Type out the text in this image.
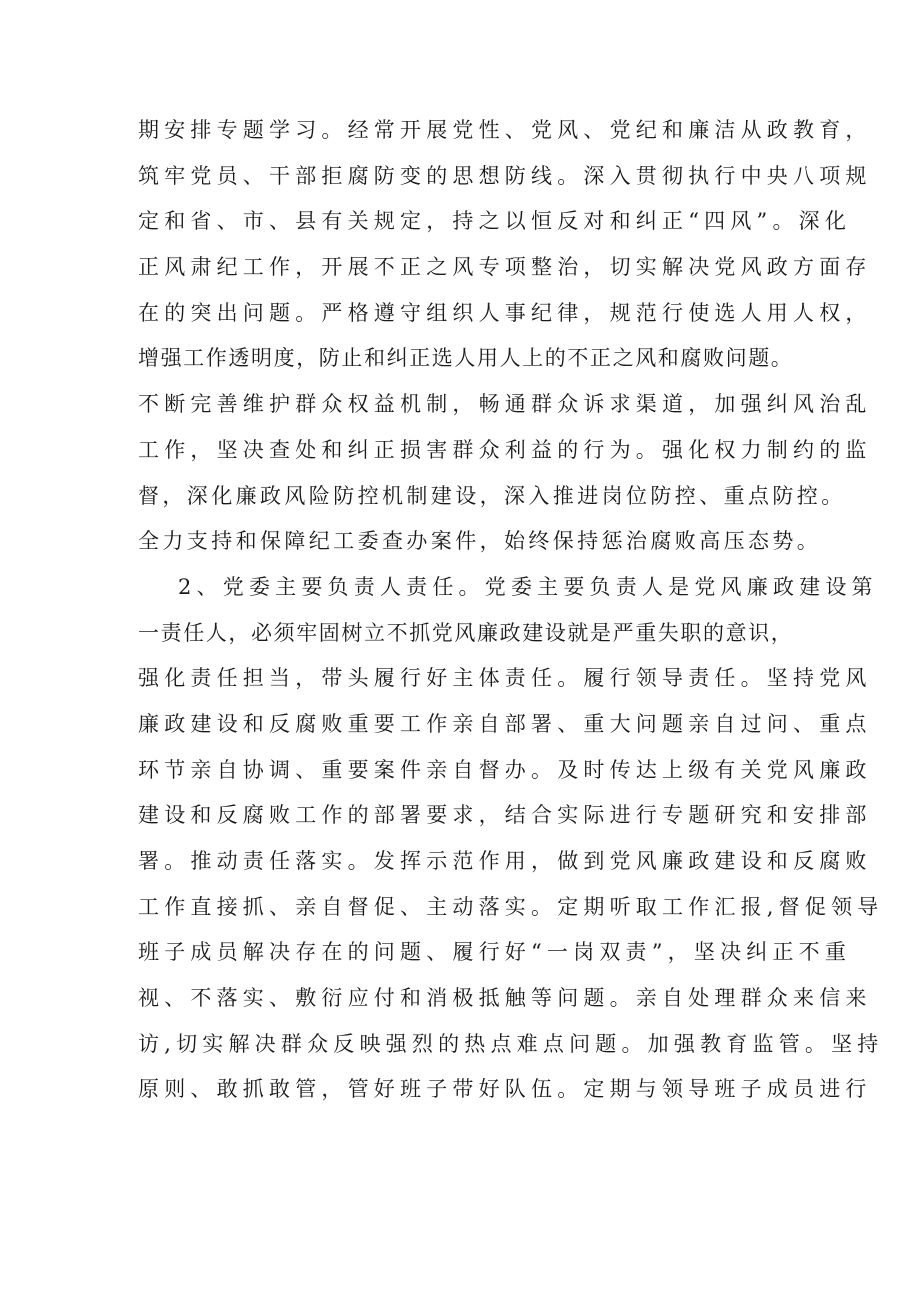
期安排专题学习。经常开展党性、党风、党纪和廉洁从政教育，
筑牢党员、干部拒腐防变的思想防线。深入贯彻执行中央八项规
定和省、市、县有关规定，持之以恒反对和纠正“四风”。深化
正风肃纪工作，开展不正之风专项整治，切实解决党风政方面存
在的突出问题。严格遵守组织人事纪律，规范行使选人用人权，
增强工作透明度，防止和纠正选人用人上的不正之风和腐败问题。
不断完善维护群众权益机制，畅通群众诉求渠道，加强纠风治乱
工作，坚决查处和纠正损害群众利益的行为。强化权力制约的监
督，深化廉政风险防控机制建设，深入推进岗位防控、重点防控。
全力支持和保障纪工委查办案件，始终保持惩治腐败高压态势。
2、党委主要负责人责任。党委主要负责人是党风廉政建设第
一责任人，必须牢固树立不抓党风廉政建设就是严重失职的意识，
强化责任担当，带头履行好主体责任。履行领导责任。坚持党风
廉政建设和反腐败重要工作亲自部署、重大问题亲自过问、重点
环节亲自协调、重要案件亲自督办。及时传达上级有关党风廉政
建设和反腐败工作的部署要求，结合实际进行专题研究和安排部
署。推动责任落实。发挥示范作用，做到党风廉政建设和反腐败
工作直接抓、亲自督促、主动落实。定期听取工作汇报,督促领导
班子成员解决存在的问题、履行好“一岗双责”，坚决纠正不重
视、不落实、敷衍应付和消极抵触等问题。亲自处理群众来信来
访,切实解决群众反映强烈的热点难点问题。加强教育监管。坚持
原则、敢抓敢管，管好班子带好队伍。定期与领导班子成员进行
